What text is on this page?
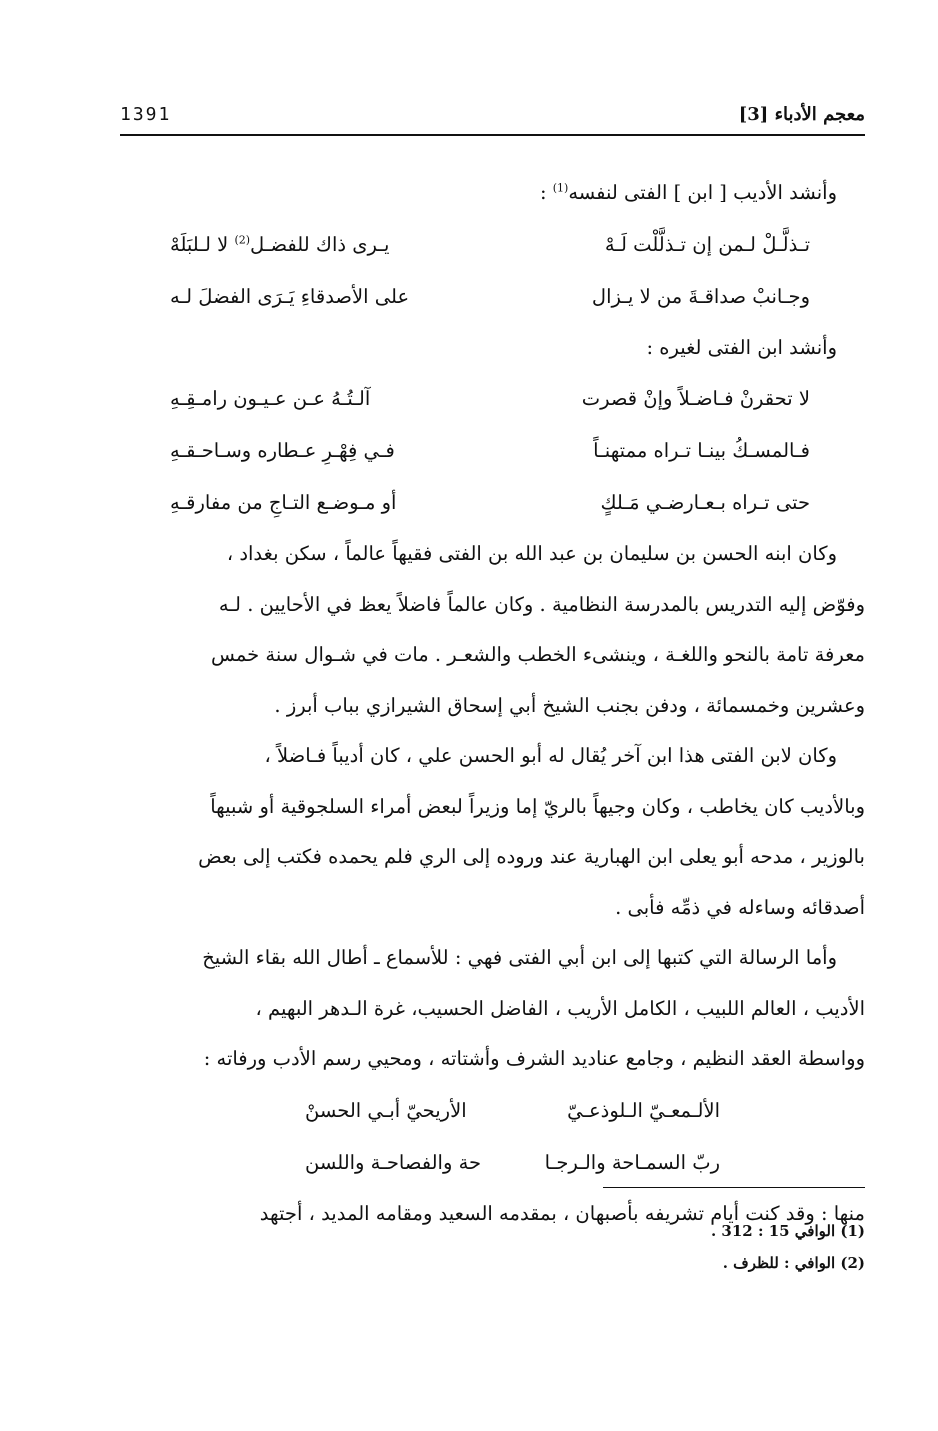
معجم الأدباء [3]
1391
وأنشد الأديب [ ابن ] الفتى لنفسه$^{(1)}$ :
تـذلَّـلْ لـمن إن تـذلَّلْت لَـهْ
يـرى ذاك للفضـل$^{(2)}$ لا لـلبَلَهْ
وجـانبْ صداقـةَ من لا يـزال
على الأصدقاءِ يَـرَى الفضلَ لـه
وأنشد ابن الفتى لغيره :
لا تحقرنْ فـاضـلاً وإنْ قصرت
آلـتُـهُ عـن عـيـون رامـقِـهِ
فـالمسـكُ بينـا تـراه ممتهنـاً
فـي فِهْـرِ عـطاره وسـاحـقـهِ
حتى تـراه بـعـارضـي مَـلكٍ
أو مـوضـع التـاجِ من مفارقـهِ
وكان ابنه الحسن بن سليمان بن عبد الله بن الفتى فقيهاً عالماً ، سكن بغداد ،
وفوّض إليه التدريس بالمدرسة النظامية . وكان عالماً فاضلاً يعظ في الأحايين . لـه
معرفة تامة بالنحو واللغـة ، وينشىء الخطب والشعـر . مات في شـوال سنة خمس
وعشرين وخمسمائة ، ودفن بجنب الشيخ أبي إسحاق الشيرازي بباب أبرز .
وكان لابن الفتى هذا ابن آخر يُقال له أبو الحسن علي ، كان أديباً فـاضلاً ،
وبالأديب كان يخاطب ، وكان وجيهاً بالريّ إما وزيراً لبعض أمراء السلجوقية أو شبيهاً
بالوزير ، مدحه أبو يعلى ابن الهبارية عند وروده إلى الري فلم يحمده فكتب إلى بعض
أصدقائه وساءله في ذمِّه فأبى .
وأما الرسالة التي كتبها إلى ابن أبي الفتى فهي : للأسماع ـ أطال الله بقاء الشيخ
الأديب ، العالم اللبيب ، الكامل الأريب ، الفاضل الحسيب، غرة الـدهر البهيم ،
وواسطة العقد النظيم ، وجامع عناديد الشرف وأشتاته ، ومحيي رسم الأدب ورفاته :
الألـمعـيّ الـلوذعـيّ
الأريحيّ أبـي الحسنْ
ربّ السمـاحة والـرجـا
حة والفصاحـة واللسن
منها : وقد كنت أيام تشريفه بأصبهان ، بمقدمه السعيد ومقامه المديد ، أجتهد
(1) الوافي 15 : 312 .
(2) الوافي : للظرف .
